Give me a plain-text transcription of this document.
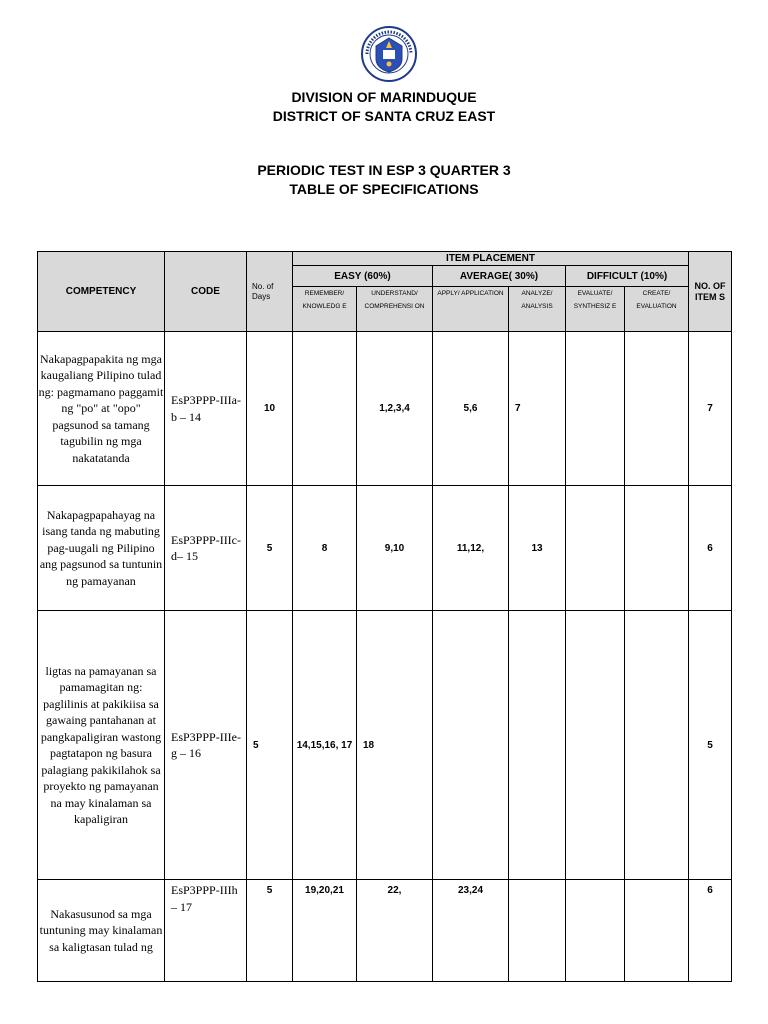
DIVISION OF MARINDUQUE
DISTRICT OF SANTA CRUZ EAST
PERIODIC TEST IN ESP 3 QUARTER 3
TABLE OF SPECIFICATIONS
COMPETENCY	CODE	No. of Days	ITEM PLACEMENT						NO. OF ITEM S
			EASY (60%)		AVERAGE( 30%)		DIFFICULT (10%)		
			REMEMBER/ KNOWLEDG E	UNDERSTAND/ COMPREHENSI ON	APPLY/ APPLICATION	ANALYZE/ ANALYSIS	EVALUATE/ SYNTHESIZ E	CREATE/ EVALUATION	
Nakapagpapakita ng mga kaugaliang Pilipino tulad ng: pagmamano paggamit ng "po" at "opo" pagsunod sa tamang tagubilin ng mga nakatatanda	EsP3PPP-IIIa-b – 14	10		1,2,3,4	5,6	7			7
Nakapagpapahayag na isang tanda ng mabuting pag-uugali ng Pilipino ang pagsunod sa tuntunin ng pamayanan	EsP3PPP-IIIc-d– 15	5	8	9,10	11,12,	13			6
ligtas na pamayanan sa pamamagitan ng: paglilinis at pakikiisa sa gawaing pantahanan at pangkapaligiran wastong pagtatapon ng basura palagiang pakikilahok sa proyekto ng pamayanan na may kinalaman sa kapaligiran	EsP3PPP-IIIe-g – 16	5	14,15,16, 17	18					5
Nakasusunod sa mga tuntuning may kinalaman sa kaligtasan tulad ng	EsP3PPP-IIIh – 17	5	19,20,21	22,	23,24				6
